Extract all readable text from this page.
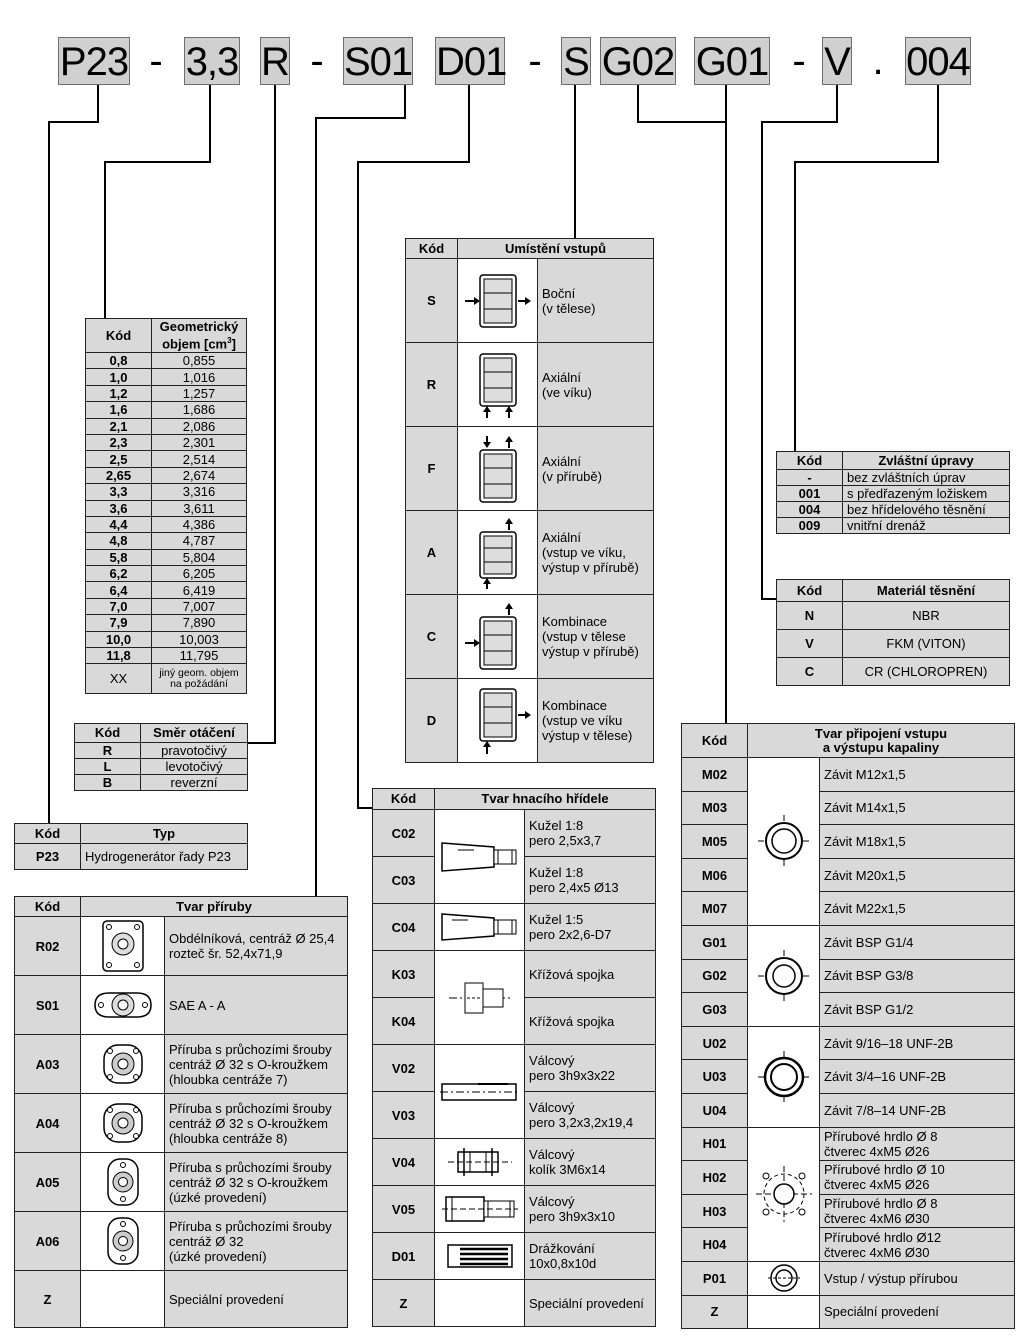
P23 - 3,3 R - S01 D01 - S G02 G01 - V . 004
Kód	Geometrický
objem $[cm^3]$
0,8	0,855
1,0	1,016
1,2	1,257
1,6	1,686
2,1	2,086
2,3	2,301
2,5	2,514
2,65	2,674
3,3	3,316
3,6	3,611
4,4	4,386
4,8	4,787
5,8	5,804
6,2	6,205
6,4	6,419
7,0	7,007
7,9	7,890
10,0	10,003
11,8	11,795
XX	jiný geom. objem
na požádání
Kód	Směr otáčení
R	pravotočivý
L	levotočivý
B	reverzní
Kód	Typ
P23	Hydrogenerátor řady P23
Kód	Tvar příruby	
R02		Obdélníková, centráž Ø 25,4
rozteč šr. 52,4x71,9

S01		SAE A - A

A03		Příruba s průchozími šrouby
centráž Ø 32 s O-kroužkem
(hloubka centráže 7)

A04		Příruba s průchozími šrouby
centráž Ø 32 s O-kroužkem
(hloubka centráže 8)

A05		Příruba s průchozími šrouby
centráž Ø 32 s O-kroužkem
(úzké provedení)

A06		Příruba s průchozími šrouby
centráž Ø 32
(úzké provedení)

Z		Speciální provedení
Kód	Umístění vstupů	
S		Boční
(v tělese)

R		Axiální
(ve víku)

F		Axiální
(v přírubě)

A		Axiální
(vstup ve víku,
výstup v přírubě)

C		Kombinace
(vstup v tělese
výstup v přírubě)

D		Kombinace
(vstup ve víku
výstup v tělese)
Kód	Tvar hnacího hřídele	
C02		Kužel 1:8
pero 2,5x3,7

C03		Kužel 1:8
pero 2,4x5 Ø13

C04		Kužel 1:5
pero 2x2,6-D7

K03		Křížová spojka

K04		Křížová spojka

V02		Válcový
pero 3h9x3x22

V03		Válcový
pero 3,2x3,2x19,4

V04		Válcový
kolík 3M6x14

V05		Válcový
pero 3h9x3x10

D01		Drážkování
10x0,8x10d

Z		Speciální provedení
Kód	Zvláštní úpravy
-	bez zvláštních úprav
001	s předřazeným ložiskem
004	bez hřídelového těsnění
009	vnitřní drenáž
Kód	Materiál těsnění
N	NBR
V	FKM (VITON)
C	CR (CHLOROPREN)
Kód	Tvar připojení vstupu
a výstupu kapaliny	
M02		Závit M12x1,5
M03		Závit M14x1,5
M05		Závit M18x1,5
M06		Závit M20x1,5
M07		Závit M22x1,5
G01		Závit BSP G1/4
G02		Závit BSP G3/8
G03		Závit BSP G1/2
U02		Závit 9/16–18 UNF-2B
U03		Závit 3/4–16 UNF-2B
U04		Závit 7/8–14 UNF-2B
H01		Přírubové hrdlo Ø 8
čtverec 4xM5 Ø26

H02		Přírubové hrdlo Ø 10
čtverec 4xM5 Ø26

H03		Přírubové hrdlo Ø 8
čtverec 4xM6 Ø30

H04		Přírubové hrdlo Ø12
čtverec 4xM6 Ø30

P01		Vstup / výstup přírubou
Z		Speciální provedení
